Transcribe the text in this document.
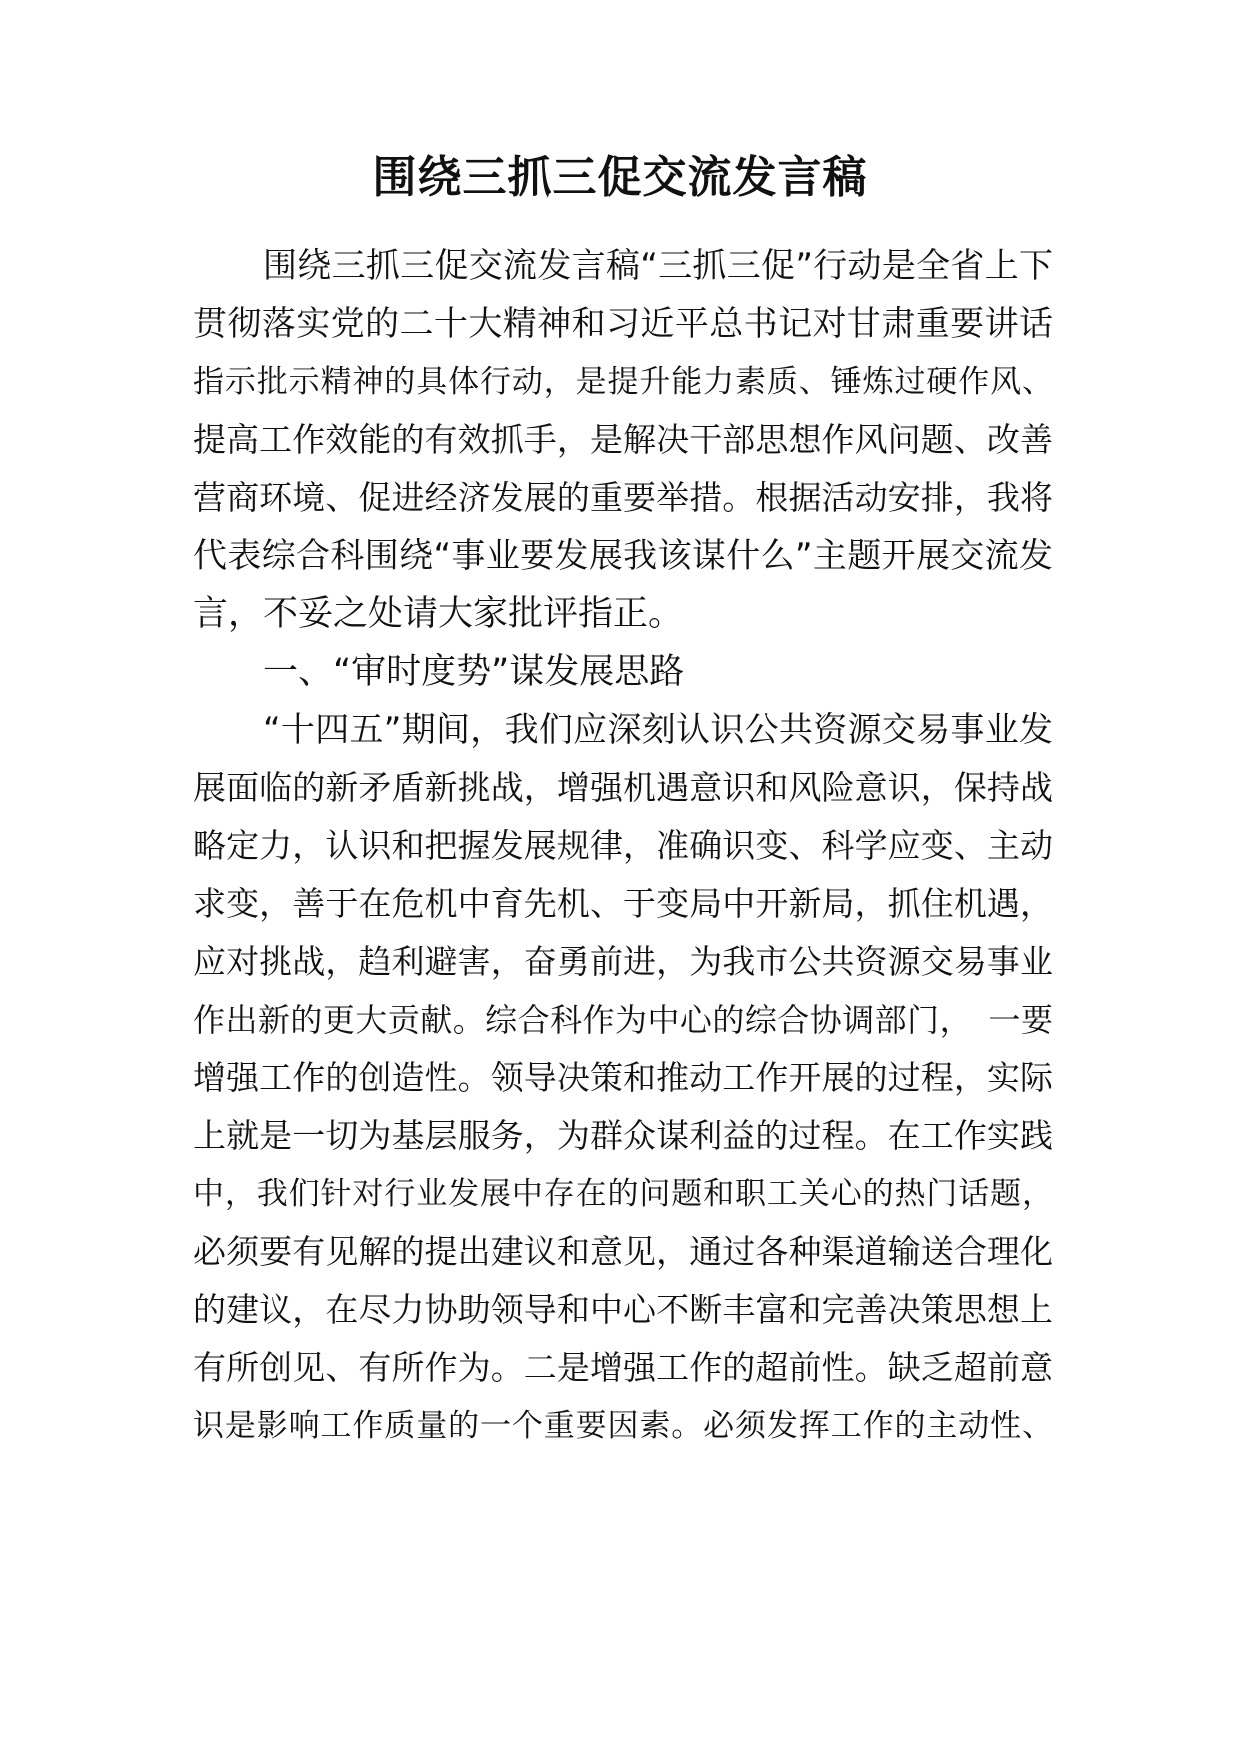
围绕三抓三促交流发言稿

围绕三抓三促交流发言稿“三抓三促”行动是全省上下

贯彻落实党的二十大精神和习近平总书记对甘肃重要讲话

指示批示精神的具体行动，是提升能力素质、锤炼过硬作风、

提高工作效能的有效抓手，是解决干部思想作风问题、改善

营商环境、促进经济发展的重要举措。根据活动安排，我将

代表综合科围绕“事业要发展我该谋什么”主题开展交流发

言，不妥之处请大家批评指正。

一、“审时度势”谋发展思路

“十四五”期间，我们应深刻认识公共资源交易事业发

展面临的新矛盾新挑战，增强机遇意识和风险意识，保持战

略定力，认识和把握发展规律，准确识变、科学应变、主动

求变，善于在危机中育先机、于变局中开新局，抓住机遇，

应对挑战，趋利避害，奋勇前进，为我市公共资源交易事业

作出新的更大贡献。综合科作为中心的综合协调部门，　一要

增强工作的创造性。领导决策和推动工作开展的过程，实际

上就是一切为基层服务，为群众谋利益的过程。在工作实践

中，我们针对行业发展中存在的问题和职工关心的热门话题，

必须要有见解的提出建议和意见，通过各种渠道输送合理化

的建议，在尽力协助领导和中心不断丰富和完善决策思想上

有所创见、有所作为。二是增强工作的超前性。缺乏超前意

识是影响工作质量的一个重要因素。必须发挥工作的主动性、
